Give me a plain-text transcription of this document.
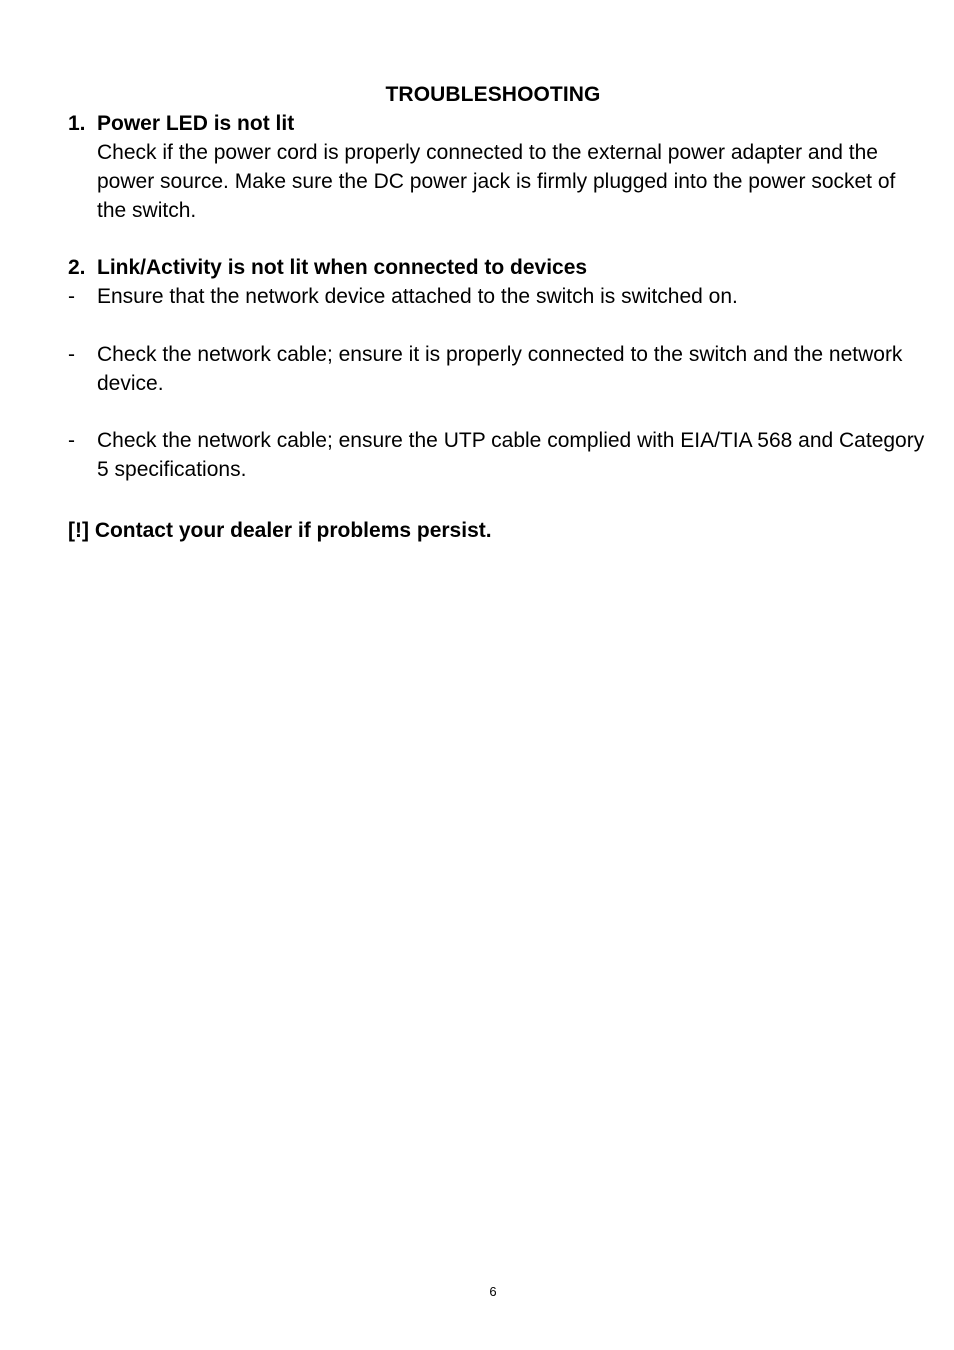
TROUBLESHOOTING
1. Power LED is not lit
Check if the power cord is properly connected to the external power adapter and the power source. Make sure the DC power jack is firmly plugged into the power socket of the switch.
2. Link/Activity is not lit when connected to devices
-	Ensure that the network device attached to the switch is switched on.
-	Check the network cable; ensure it is properly connected to the switch and the network device.
-	Check the network cable; ensure the UTP cable complied with EIA/TIA 568 and Category 5 specifications.
[!] Contact your dealer if problems persist.
6
